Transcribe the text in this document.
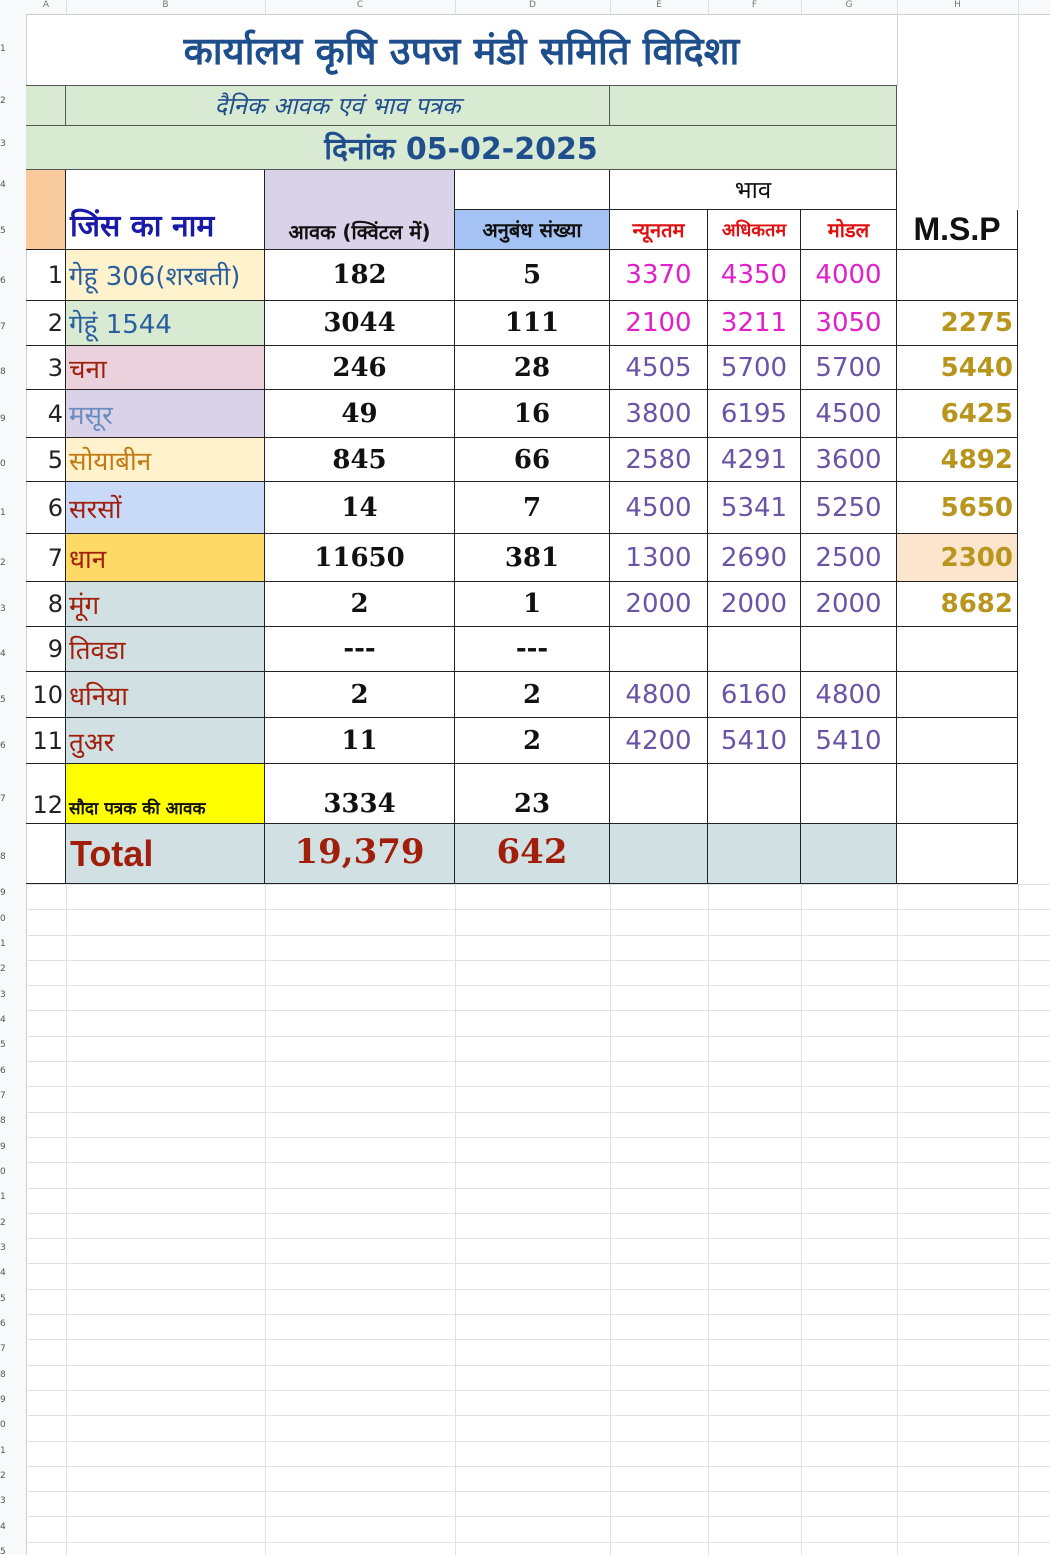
A	B	C	D	E	F	G	H
1
2
3
4
5
6
7
8
9
0
1
2
3
4
5
6
7
8
9
0
1
2
3
4
5
6
7
8
9
0
1
2
3
4
5
6
7
8
9
0
1
2
3
4
5
कार्यालय कृषि उपज मंडी समिति विदिशा
दैनिक आवक एवं भाव पत्रक
दिनांक 05-02-2025
जिंस का नाम	आवक (क्विंटल में)	अनुबंध संख्या
भाव
न्यूनतम	अधिकतम	मोडल	M.S.P
1 गेहू 306(शरबती)	182	5	3370	4350	4000
2 गेहूं 1544	3044	111	2100	3211	3050	2275
3 चना	246	28	4505	5700	5700	5440
4 मसूर	49	16	3800	6195	4500	6425
5 सोयाबीन	845	66	2580	4291	3600	4892
6 सरसों	14	7	4500	5341	5250	5650
7 धान	11650	381	1300	2690	2500	2300
8 मूंग	2	1	2000	2000	2000	8682
9 तिवडा	---	---
10 धनिया	2	2	4800	6160	4800
11 तुअर	11	2	4200	5410	5410
12 सौदा पत्रक की आवक	3334	23
Total	19,379	642
